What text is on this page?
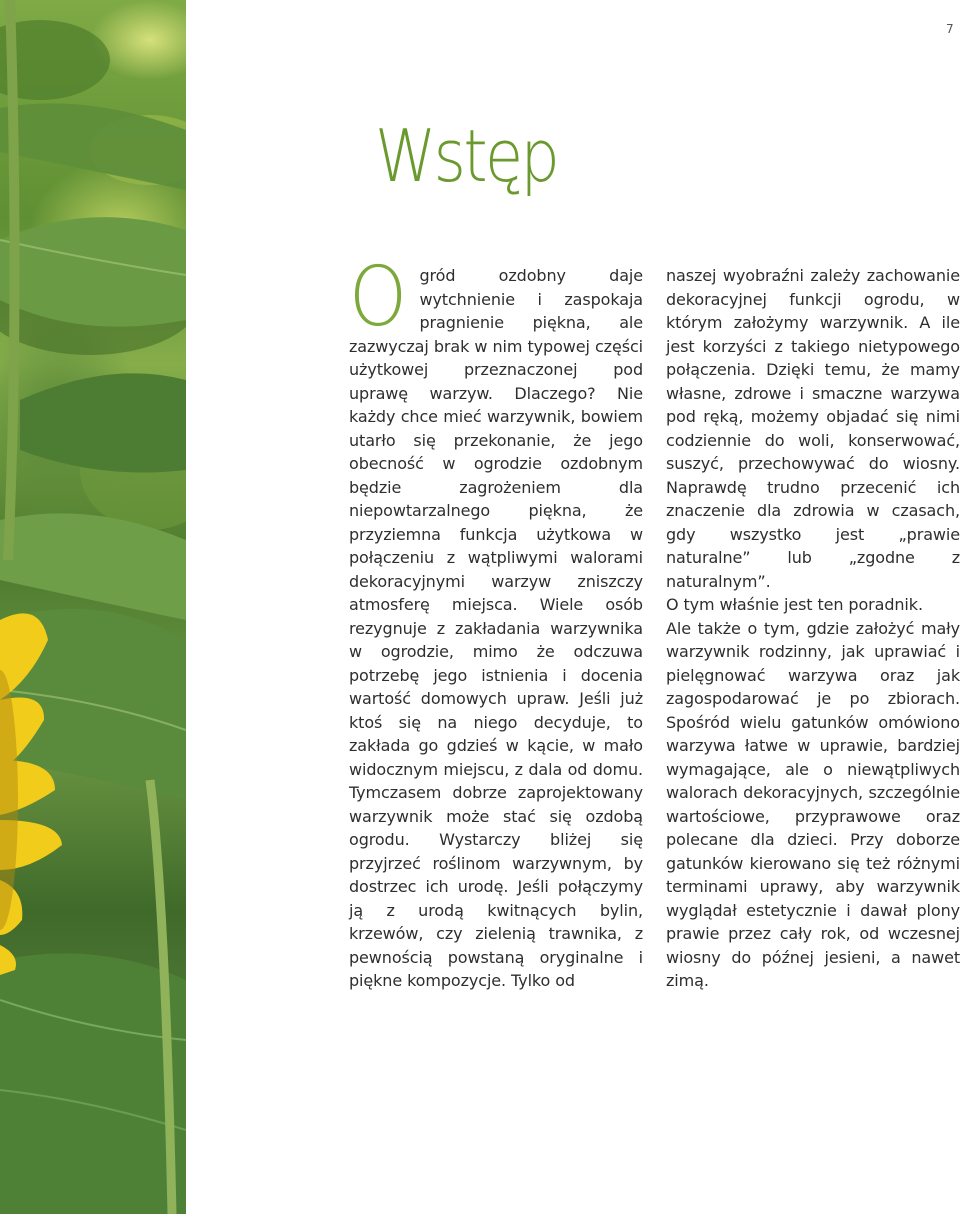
7
Wstęp

Ogród ozdobny daje wytchnienie i zaspokaja pragnienie piękna, ale zazwyczaj brak w nim typowej części użytkowej przeznaczonej pod uprawę warzyw. Dlaczego? Nie każdy chce mieć warzywnik, bowiem utarło się przekonanie, że jego obecność w ogrodzie ozdobnym będzie zagrożeniem dla niepowtarzalnego piękna, że przyziemna funkcja użytkowa w połączeniu z wątpliwymi walorami dekoracyjnymi warzyw zniszczy atmosferę miejsca. Wiele osób rezygnuje z zakładania warzywnika w ogrodzie, mimo że odczuwa potrzebę jego istnienia i docenia wartość domowych upraw. Jeśli już ktoś się na niego decyduje, to zakłada go gdzieś w kącie, w mało widocznym miejscu, z dala od domu. Tymczasem dobrze zaprojektowany warzywnik może stać się ozdobą ogrodu. Wystarczy bliżej się przyjrzeć roślinom warzywnym, by dostrzec ich urodę. Jeśli połączymy ją z urodą kwitnących bylin, krzewów, czy zielenią trawnika, z pewnością powstaną oryginalne i piękne kompozycje. Tylko od

naszej wyobraźni zależy zachowanie dekoracyjnej funkcji ogrodu, w którym założymy warzywnik. A ile jest korzyści z takiego nietypowego połączenia. Dzięki temu, że mamy własne, zdrowe i smaczne warzywa pod ręką, możemy objadać się nimi codziennie do woli, konserwować, suszyć, przechowywać do wiosny. Naprawdę trudno przecenić ich znaczenie dla zdrowia w czasach, gdy wszystko jest „prawie naturalne” lub „zgodne z naturalnym”.

O tym właśnie jest ten poradnik.

Ale także o tym, gdzie założyć mały warzywnik rodzinny, jak uprawiać i pielęgnować warzywa oraz jak zagospodarować je po zbiorach. Spośród wielu gatunków omówiono warzywa łatwe w uprawie, bardziej wymagające, ale o niewątpliwych walorach dekoracyjnych, szczególnie wartościowe, przyprawowe oraz polecane dla dzieci. Przy doborze gatunków kierowano się też różnymi terminami uprawy, aby warzywnik wyglądał estetycznie i dawał plony prawie przez cały rok, od wczesnej wiosny do późnej jesieni, a nawet zimą.
